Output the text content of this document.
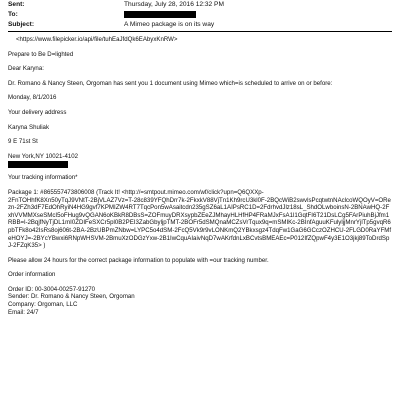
Sent:	Thursday, July 28, 2016 12:32 PM
To:
Subject:	A Mimeo package is on its way

<https://www.filepicker.io/api/file/tuhEaJfdQk6EAbyxKnRW>

Prepare to Be D=lighted

Dear Karyna:

Dr. Romano & Nancy Steen, Orgoman has sent you 1 document using Mimeo which=is scheduled to arrive on or before:

Monday, 8/1/2016

Your delivery address

Karyna Shuliak

9 E 71st St

New York,NY 10021-4102

Your tracking information*

Package 1: #865557473806008 (Track It! <http://=smtpout.mimeo.com/wf/click?upn=Q6QXXp-

2FnTOHhfK8Xn50yTqJ9VNtT-2BjVLAZ7Vz=T-28c839YFQhDrr7k-2FkxkV88VjTn1Kh9rcU3kl0F-2BQcWiB2swvlsPcqtwtnNAclcoWQOyV=ORezn-2FZh3dF7EdOhRyiN4HG9gvf7KPMIZW4RT7TqcPon5wAsaitcdn235gSZ6aL1AIPsRC1D=2FdrhvdJlz18sL_ShdOLwboinsN-2BNAwHQ-2FxhVVMMXseSMcI5oFHug9vQGAN6oKBkR8DBsS=ZOFmuyDRXsypbZEeZJMhayHLHfHP4FRaMJxFsA1l1GqtFI6T21DsLCg5FArPiuhBjJfm1RBB=l-2BqjfNyTjDL1mI0ZDIFeSXCr5pl0B2PEI3ZabGbyljpTMT-2BOFr5dSMQnaMCZsVrTqux9q=mSMIKc-2BInfAguuKFulyljjMnrYjlTp5gvqR6pbTFk8o42IsRs8oj606t-2BA-2BzUBPmZNbw=LYPC5o4dSM-2FcQ5Vk9r9vLONKmQ2YBkxsgz4TdqFw1GaG6GCczOZHCU-2FLGD0RaYFMfeHOYJ=-2BYcYBwxi6RNpWHSVM-2BmuXzODGzYxw-2B1IwCquAIaivNqD7wAKrfdnLxBCvtsBMEAEc=P012IfZQpwF4y3E1O3jkj89ToDrdSpJ-2FZqK35> )

Please allow 24 hours for the correct package information to populate with =our tracking number.

Order information

Order ID: 00-3004-00257-91270

Sender: Dr. Romano & Nancy Steen, Orgoman

Company: Orgoman, LLC

Email: 24/7
